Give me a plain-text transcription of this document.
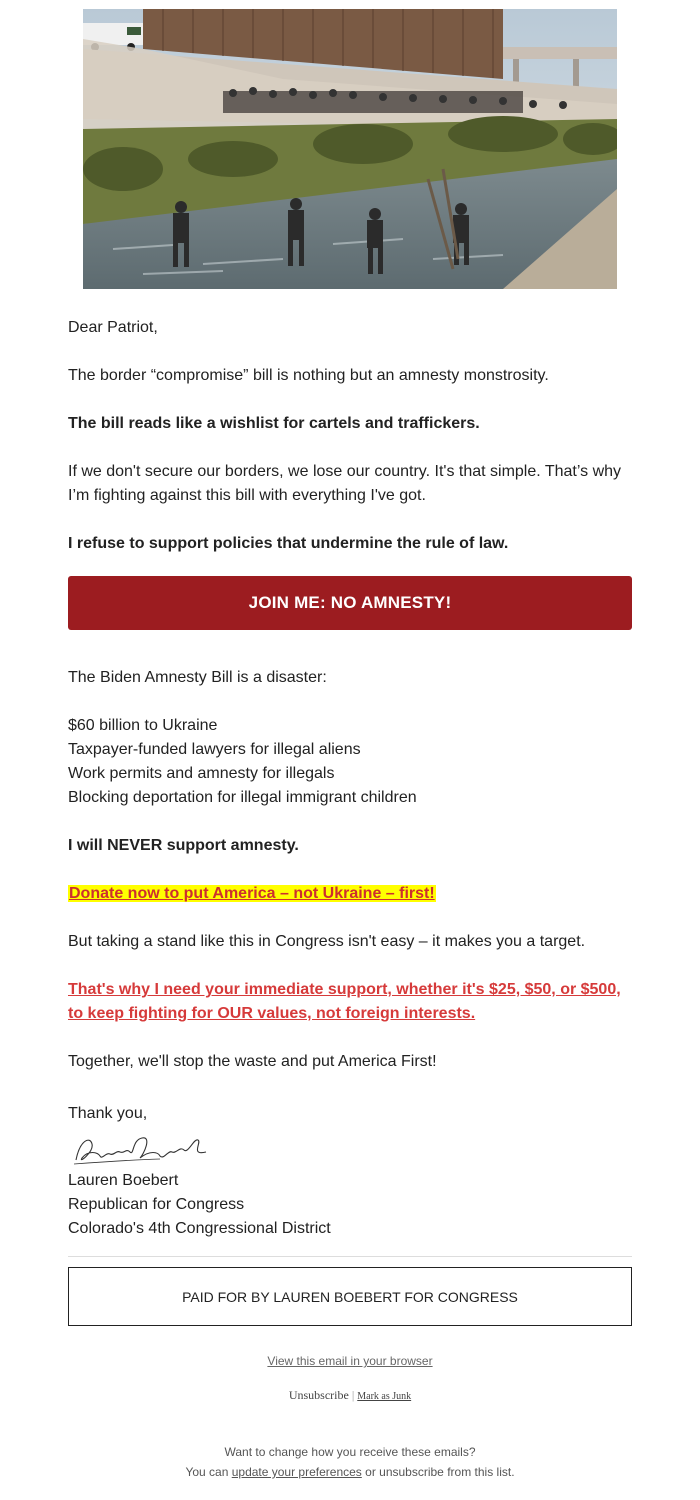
Dear Patriot,
The border “compromise” bill is nothing but an amnesty monstrosity.
The bill reads like a wishlist for cartels and traffickers.
If we don't secure our borders, we lose our country. It's that simple. That’s why
I’m fighting against this bill with everything I've got.
I refuse to support policies that undermine the rule of law.
JOIN ME: NO AMNESTY!
The Biden Amnesty Bill is a disaster:
$60 billion to Ukraine
Taxpayer-funded lawyers for illegal aliens
Work permits and amnesty for illegals
Blocking deportation for illegal immigrant children
I will NEVER support amnesty.
Donate now to put America – not Ukraine – first!
But taking a stand like this in Congress isn't easy – it makes you a target.
That's why I need your immediate support, whether it's $25, $50, or $500,
to keep fighting for OUR values, not foreign interests.
Together, we'll stop the waste and put America First!
Thank you,
Lauren Boebert
Republican for Congress
Colorado's 4th Congressional District
PAID FOR BY LAUREN BOEBERT FOR CONGRESS
View this email in your browser
Unsubscribe | Mark as Junk
Want to change how you receive these emails?
You can update your preferences or unsubscribe from this list.
